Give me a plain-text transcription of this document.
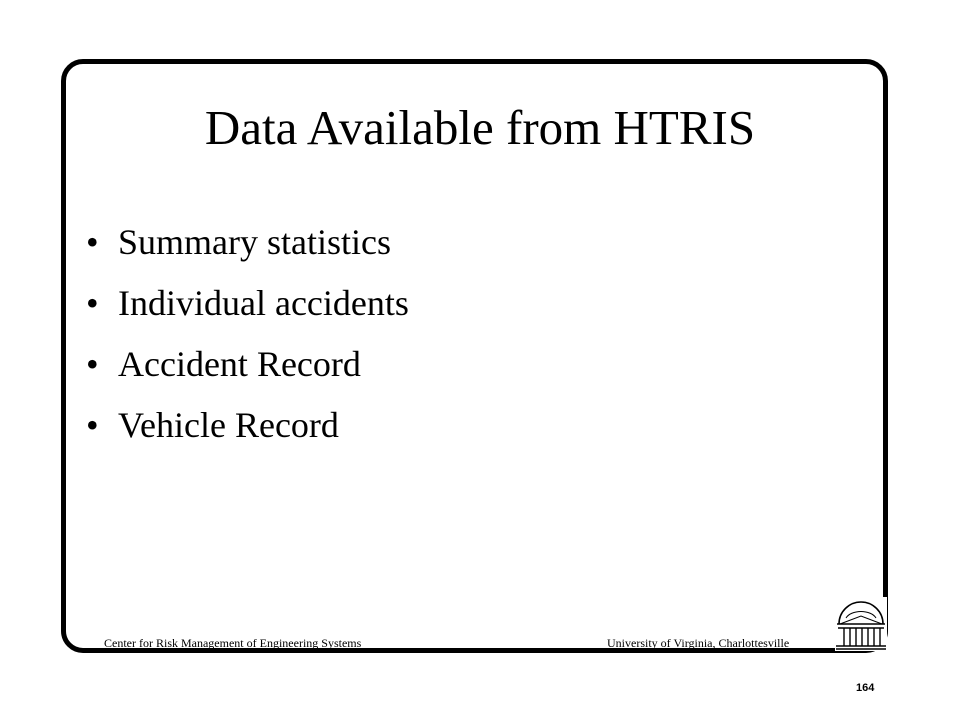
Data Available from HTRIS
• Summary statistics
• Individual accidents
• Accident Record
• Vehicle Record
Center for Risk Management of Engineering Systems	University of Virginia, Charlottesville
164
